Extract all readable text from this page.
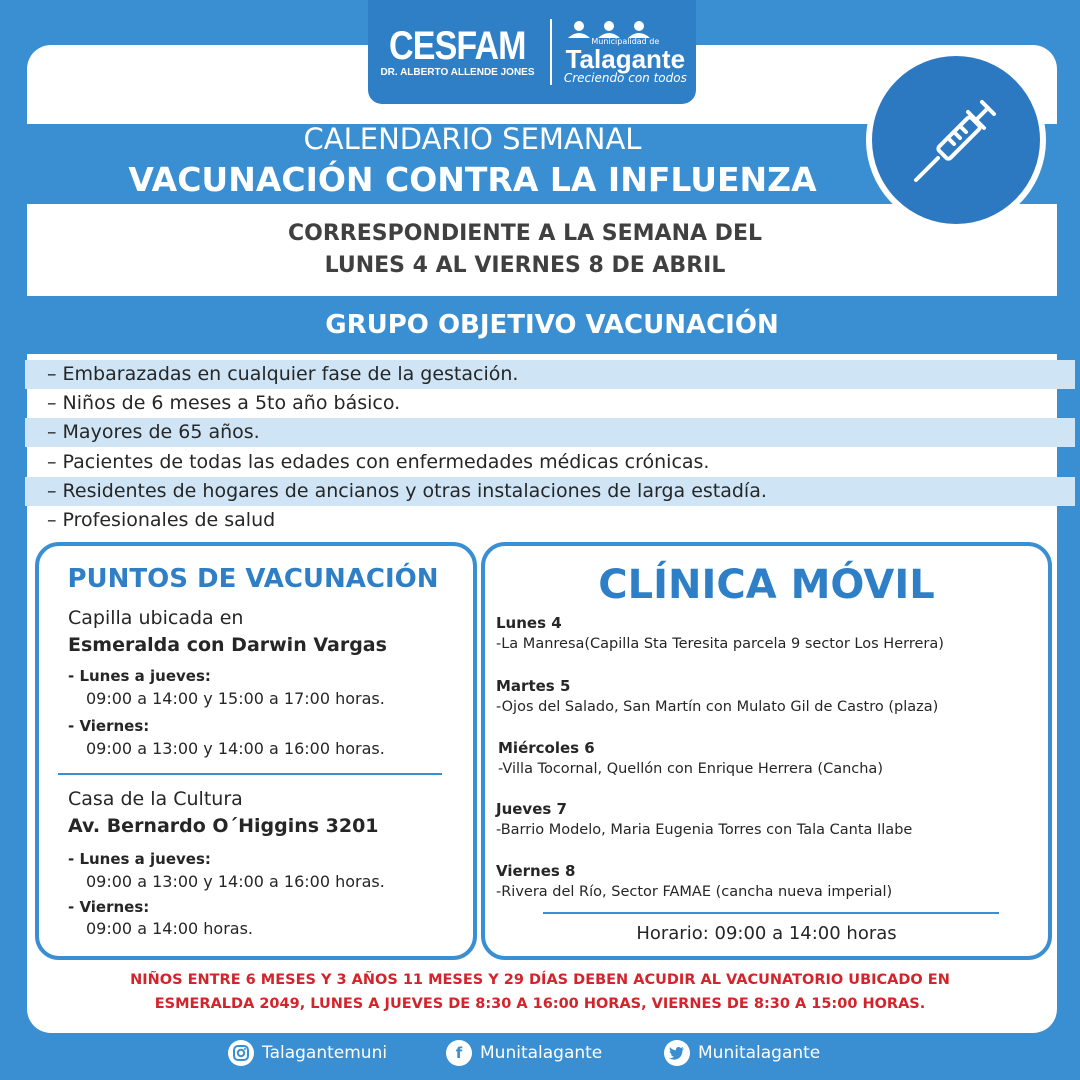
CESFAM
DR. ALBERTO ALLENDE JONES
Municipalidad de
Talagante
Creciendo con todos
CALENDARIO SEMANAL
VACUNACIÓN CONTRA LA INFLUENZA
CORRESPONDIENTE A LA SEMANA DEL
LUNES 4 AL VIERNES 8 DE ABRIL
GRUPO OBJETIVO VACUNACIÓN
– Embarazadas en cualquier fase de la gestación.
– Niños de 6 meses a 5to año básico.
– Mayores de 65 años.
– Pacientes de todas las edades con enfermedades médicas crónicas.
– Residentes de hogares de ancianos y otras instalaciones de larga estadía.
– Profesionales de salud
PUNTOS DE VACUNACIÓN
Capilla ubicada en
Esmeralda con Darwin Vargas
- Lunes a jueves:
09:00 a 14:00 y 15:00 a 17:00 horas.
- Viernes:
09:00 a 13:00 y 14:00 a 16:00 horas.
Casa de la Cultura
Av. Bernardo O´Higgins 3201
- Lunes a jueves:
09:00 a 13:00 y 14:00 a 16:00 horas.
- Viernes:
09:00 a 14:00 horas.
CLÍNICA MÓVIL
Lunes 4
-La Manresa(Capilla Sta Teresita parcela 9 sector Los Herrera)
Martes 5
-Ojos del Salado, San Martín con Mulato Gil de Castro (plaza)
Miércoles 6
-Villa Tocornal, Quellón con Enrique Herrera (Cancha)
Jueves 7
-Barrio Modelo, Maria Eugenia Torres con Tala Canta Ilabe
Viernes 8
-Rivera del Río, Sector FAMAE (cancha nueva imperial)
Horario: 09:00 a 14:00 horas
NIÑOS ENTRE 6 MESES Y 3 AÑOS 11 MESES Y 29 DÍAS DEBEN ACUDIR AL VACUNATORIO UBICADO EN
ESMERALDA 2049, LUNES A JUEVES DE 8:30 A 16:00 HORAS, VIERNES DE 8:30 A 15:00 HORAS.
Talagantemuni	f	Munitalagante	Munitalagante
